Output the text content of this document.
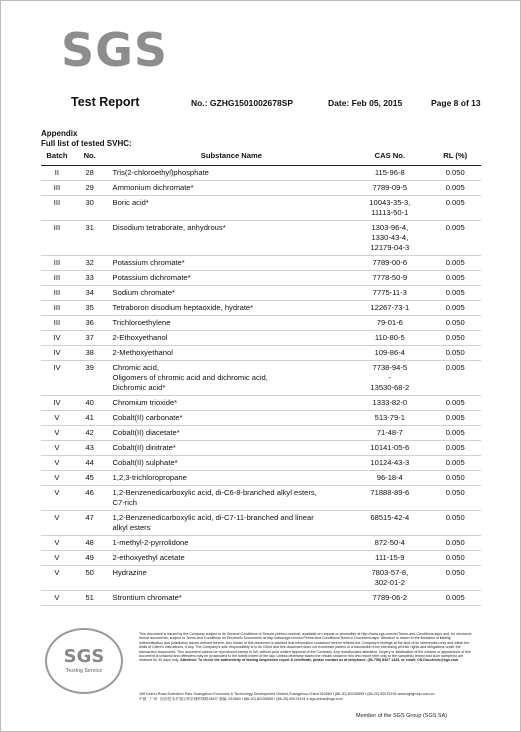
SGS
Test Report	No.: GZHG1501002678SP	Date: Feb 05, 2015	Page 8 of 13
Appendix
Full list of tested SVHC:
Batch	No.	Substance Name	CAS No.	RL (%)
II	28	Tris(2-chloroethyl)phosphate	115-96-8	0.050
III	29	Ammonium dichromate*	7789-09-5	0.005
III	30	Boric acid*	10043-35-3,
11113-50-1	0.005
III	31	Disodium tetraborate, anhydrous*	1303-96-4,
1330-43-4,
12179-04-3	0.005
III	32	Potassium chromate*	7789-00-6	0.005
III	33	Potassium dichromate*	7778-50-9	0.005
III	34	Sodium chromate*	7775-11-3	0.005
III	35	Tetraboron disodium heptaoxide, hydrate*	12267-73-1	0.005
III	36	Trichloroethylene	79-01-6	0.050
IV	37	2-Ethoxyethanol	110-80-5	0.050
IV	38	2-Methoxyethanol	109-86-4	0.050
IV	39	Chromic acid,
Oligomers of chromic acid and dichromic acid,
Dichromic acid*	7738-94-5
-
13530-68-2	0.005
IV	40	Chromium trioxide*	1333-82-0	0.005
V	41	Cobalt(II) carbonate*	513-79-1	0.005
V	42	Cobalt(II) diacetate*	71-48-7	0.005
V	43	Cobalt(II) dinitrate*	10141-05-6	0.005
V	44	Cobalt(II) sulphate*	10124-43-3	0.005
V	45	1,2,3-trichloropropane	96-18-4	0.050
V	46	1,2-Benzenedicarboxylic acid, di-C6-8-branched alkyl esters,
C7-rich	71888-89-6	0.050
V	47	1,2-Benzenedicarboxylic acid, di-C7-11-branched and linear
alkyl esters	68515-42-4	0.050
V	48	1-methyl-2-pyrrolidone	872-50-4	0.050
V	49	2-ethoxyethyl acetate	111-15-9	0.050
V	50	Hydrazine	7803-57-8,
302-01-2	0.050
V	51	Strontium chromate*	7789-06-2	0.005
SGS
Testing Service
This document is issued by the Company subject to its General Conditions of Service printed overleaf, available on request or accessible at http://www.sgs.com/en/Terms-and-Conditions.aspx and, for electronic format documents, subject to Terms and Conditions for Electronic Documents at http://www.sgs.com/en/Terms-and-Conditions/Terms-e-Document.aspx. Attention is drawn to the limitation of liability, indemnification and jurisdiction issues defined therein. Any holder of this document is advised that information contained hereon reflects the Company's findings at the time of its intervention only and within the limits of Client's instructions, if any. The Company's sole responsibility is to its Client and this document does not exonerate parties to a transaction from exercising all their rights and obligations under the transaction documents. This document cannot be reproduced except in full, without prior written approval of the Company. Any unauthorized alteration, forgery or falsification of the content or appearance of this document is unlawful and offenders may be prosecuted to the fullest extent of the law. Unless otherwise stated the results shown in this test report refer only to the sample(s) tested and such sample(s) are retained for 30 days only. Attention: To check the authenticity of testing /inspection report & certificate, please contact us at telephone: (86-755) 8307 1443, or email: CN.Doccheck@sgs.com
198 Kezhu Road,Scientech Park Guangzhou Economic & Technology Development District,Guangzhou,China 510663 t (86-20) 82155555 f (86-20) 82075191 www.sgsgroup.com.cn
中国 · 广州 · 经济技术开发区科学城科珠路198号 邮编: 510663 t (86-20) 82155555 f (86-20) 82075191 e sgs.china@sgs.com
Member of the SGS Group (SGS SA)
